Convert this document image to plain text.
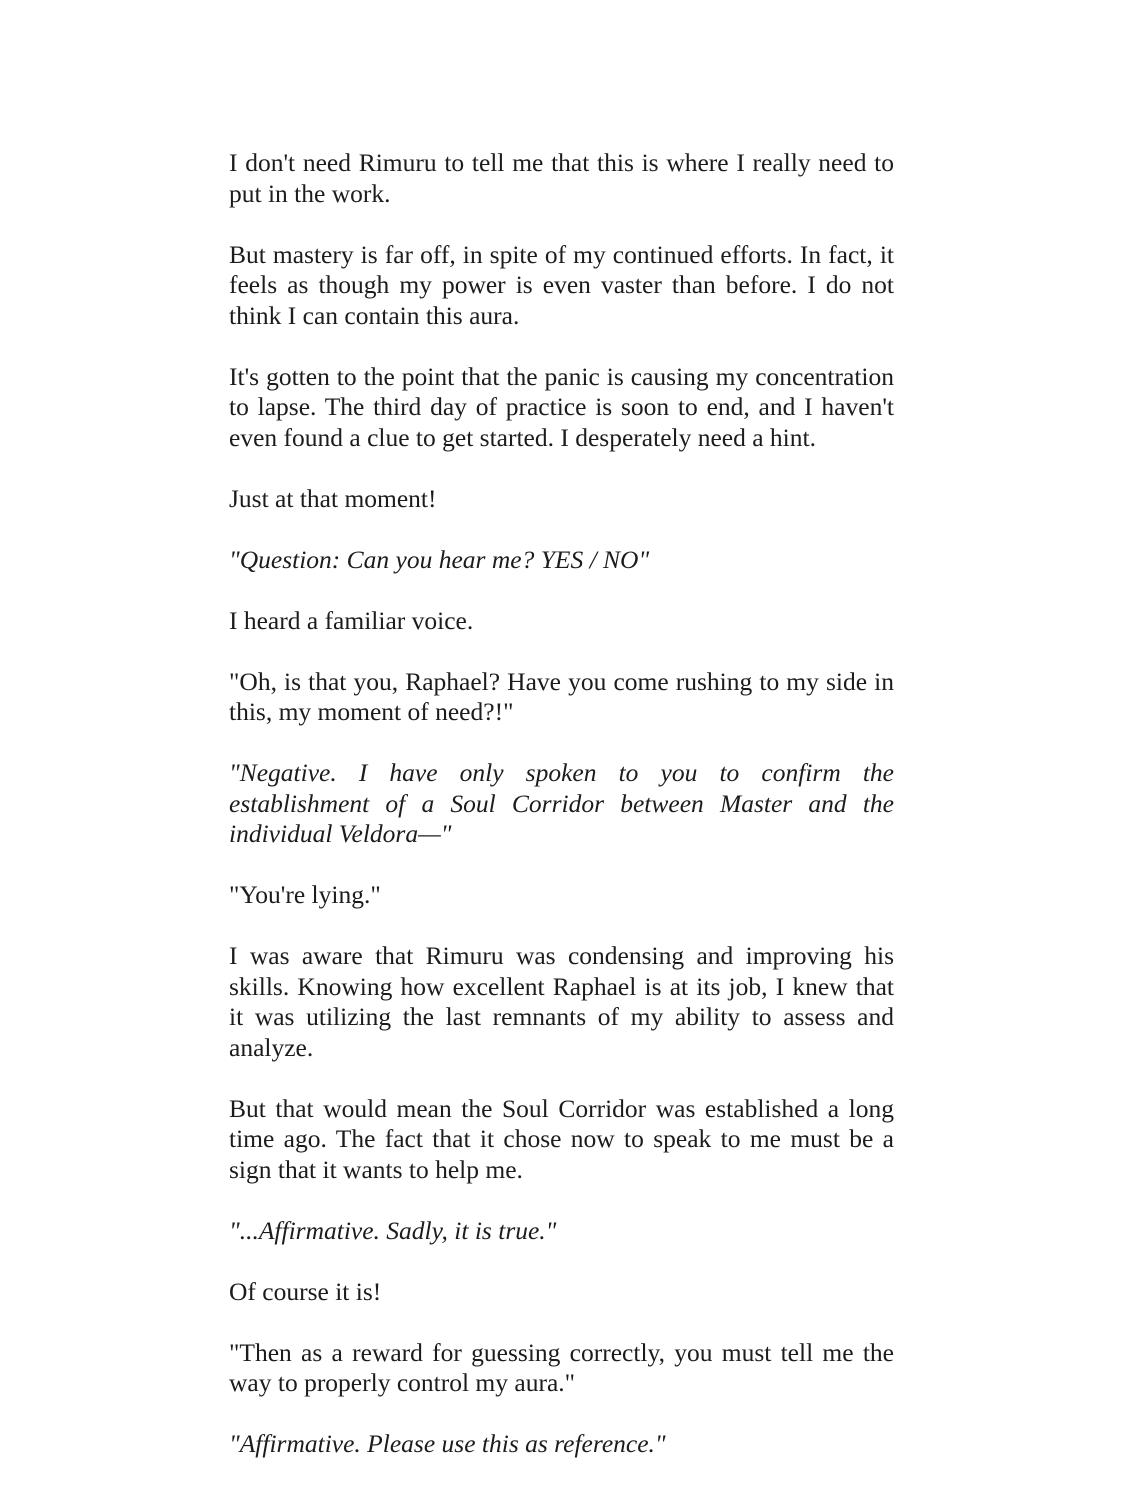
I don't need Rimuru to tell me that this is where I really need to put in the work.

But mastery is far off, in spite of my continued efforts. In fact, it feels as though my power is even vaster than before. I do not think I can contain this aura.

It's gotten to the point that the panic is causing my concentration to lapse. The third day of practice is soon to end, and I haven't even found a clue to get started. I desperately need a hint.

Just at that moment!

"Question: Can you hear me? YES / NO"

I heard a familiar voice.

"Oh, is that you, Raphael? Have you come rushing to my side in this, my moment of need?!"

"Negative. I have only spoken to you to confirm the establishment of a Soul Corridor between Master and the individual Veldora—"

"You're lying."

I was aware that Rimuru was condensing and improving his skills. Knowing how excellent Raphael is at its job, I knew that it was utilizing the last remnants of my ability to assess and analyze.

But that would mean the Soul Corridor was established a long time ago. The fact that it chose now to speak to me must be a sign that it wants to help me.

"...Affirmative. Sadly, it is true."

Of course it is!

"Then as a reward for guessing correctly, you must tell me the way to properly control my aura."

"Affirmative. Please use this as reference."
